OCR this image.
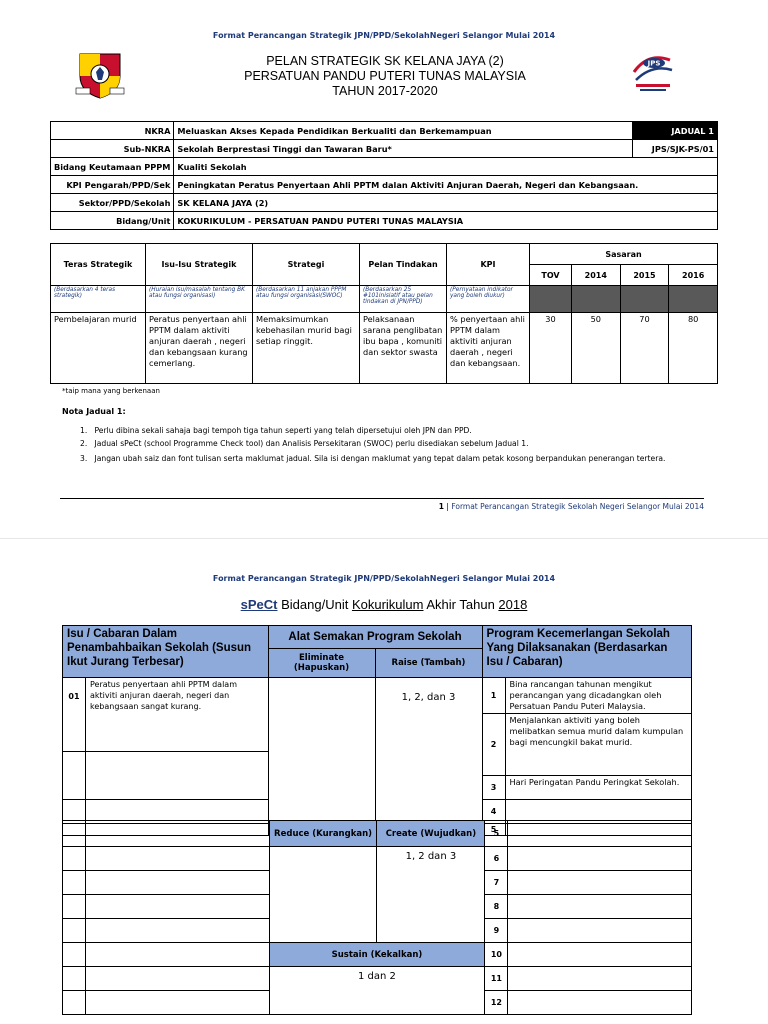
Format Perancangan Strategik JPN/PPD/SekolahNegeri Selangor Mulai 2014
PELAN STRATEGIK SK KELANA JAYA (2)
PERSATUAN PANDU PUTERI TUNAS MALAYSIA
TAHUN 2017-2020
JPS
NKRA	Meluaskan Akses Kepada Pendidikan Berkualiti dan Berkemampuan	JADUAL 1
Sub-NKRA	Sekolah Berprestasi Tinggi dan Tawaran Baru*	JPS/SJK-PS/01
Bidang Keutamaan PPPM	Kualiti Sekolah	
KPI Pengarah/PPD/Sek	Peningkatan Peratus Penyertaan Ahli PPTM dalan Aktiviti Anjuran Daerah, Negeri dan Kebangsaan.	
Sektor/PPD/Sekolah	SK KELANA JAYA (2)	
Bidang/Unit	KOKURIKULUM - PERSATUAN PANDU PUTERI TUNAS MALAYSIA	
Teras Strategik	Isu-Isu Strategik	Strategi	Pelan Tindakan	KPI	Sasaran			
					TOV	2014	2015	2016
(Berdasarkan 4 teras strategik)	(Huraian isu/masalah tentang BK atau fungsi organisasi)	(Berdasarkan 11 anjakan PPPM atau fungsi organisasi(SWOC)	(Berdasarkan 25 #101inisiatif atau pelan tindakan di JPN/PPD)	(Pernyataan indikator yang boleh diukur)				
Pembelajaran murid	Peratus penyertaan ahli PPTM dalam aktiviti anjuran daerah , negeri dan kebangsaan kurang cemerlang.	Memaksimumkan kebehasilan murid bagi setiap ringgit.	Pelaksanaan sarana penglibatan ibu bapa , komuniti dan sektor swasta	% penyertaan ahli PPTM dalam aktiviti anjuran daerah , negeri dan kebangsaan.	30	50	70	80
*taip mana yang berkenaan
Nota Jadual 1:
1.   Perlu dibina sekali sahaja bagi tempoh tiga tahun seperti yang telah dipersetujui oleh JPN dan PPD.
2.   Jadual sPeCt (school Programme Check tool) dan Analisis Persekitaran (SWOC) perlu disediakan sebelum Jadual 1.
3.   Jangan ubah saiz dan font tulisan serta maklumat jadual. Sila isi dengan maklumat yang tepat dalam petak kosong berpandukan penerangan tertera.
1 | Format Perancangan Strategik Sekolah Negeri Selangor Mulai 2014
Format Perancangan Strategik JPN/PPD/SekolahNegeri Selangor Mulai 2014
sPeCt Bidang/Unit Kokurikulum Akhir Tahun 2018
Isu / Cabaran Dalam Penambahbaikan Sekolah (Susun Ikut Jurang Terbesar)		Alat Semakan Program Sekolah		Program Kecemerlangan Sekolah Yang Dilaksanakan (Berdasarkan Isu / Cabaran)	
		Eliminate (Hapuskan)	Raise (Tambah)		
01	Peratus penyertaan ahli PPTM dalam aktiviti anjuran daerah, negeri dan kebangsaan sangat kurang.		1, 2, dan 3	1	Bina rancangan tahunan mengikut perancangan yang dicadangkan oleh Persatuan Pandu Puteri Malaysia.
				2	Menjalankan aktiviti yang boleh melibatkan semua murid dalam kumpulan bagi mencungkil bakat murid.

				3	Hari Peringatan Pandu Peringkat Sekolah.
				4	
				5	

		Reduce (Kurangkan)	Create (Wujudkan)	5	
			1, 2 dan 3	6	
				7	
				8	
				9	
		Sustain (Kekalkan)		10	
		1 dan 2		11	
				12	
